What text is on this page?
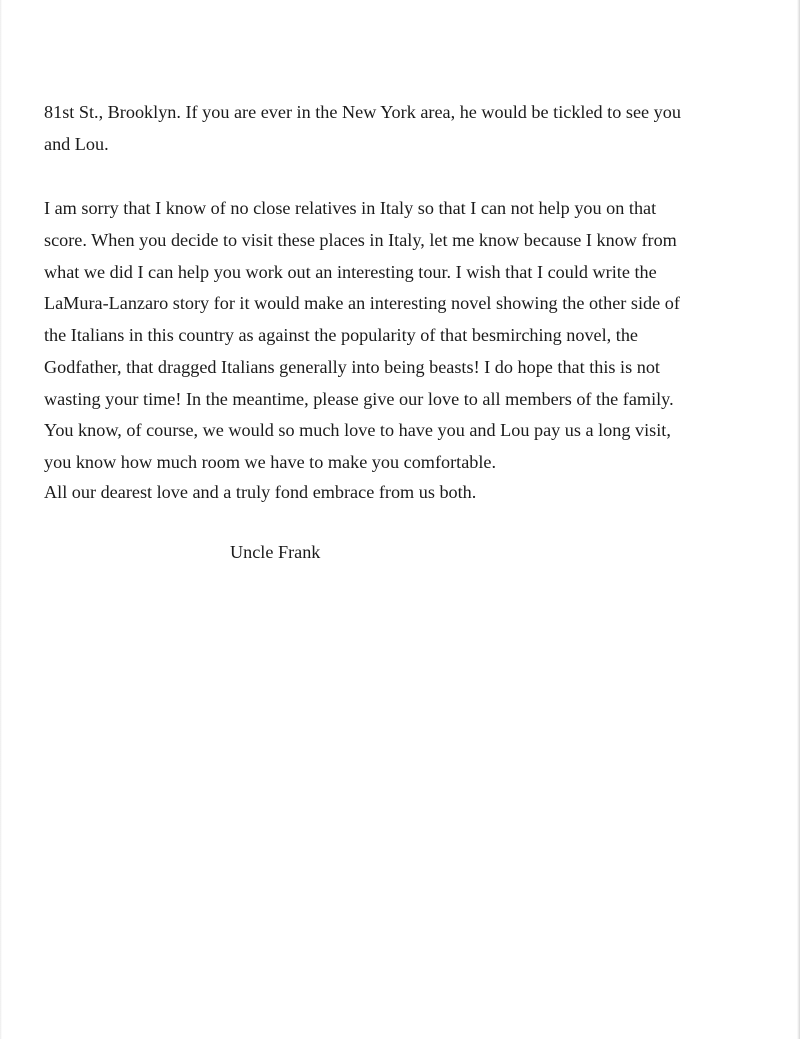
81st St., Brooklyn. If you are ever in the New York area, he would be tickled to see you

and Lou.

I am sorry that I know of no close relatives in Italy so that I can not help you on that

score. When you decide to visit these places in Italy, let me know because I know from

what we did I can help you work out an interesting tour. I wish that I could write the

LaMura-Lanzaro story for it would make an interesting novel showing the other side of

the Italians in this country as against the popularity of that besmirching novel, the

Godfather, that dragged Italians generally into being beasts! I do hope that this is not

wasting your time! In the meantime, please give our love to all members of the family.

You know, of course, we would so much love to have you and Lou pay us a long visit,

you know how much room we have to make you comfortable.

All our dearest love and a truly fond embrace from us both.

Uncle Frank
